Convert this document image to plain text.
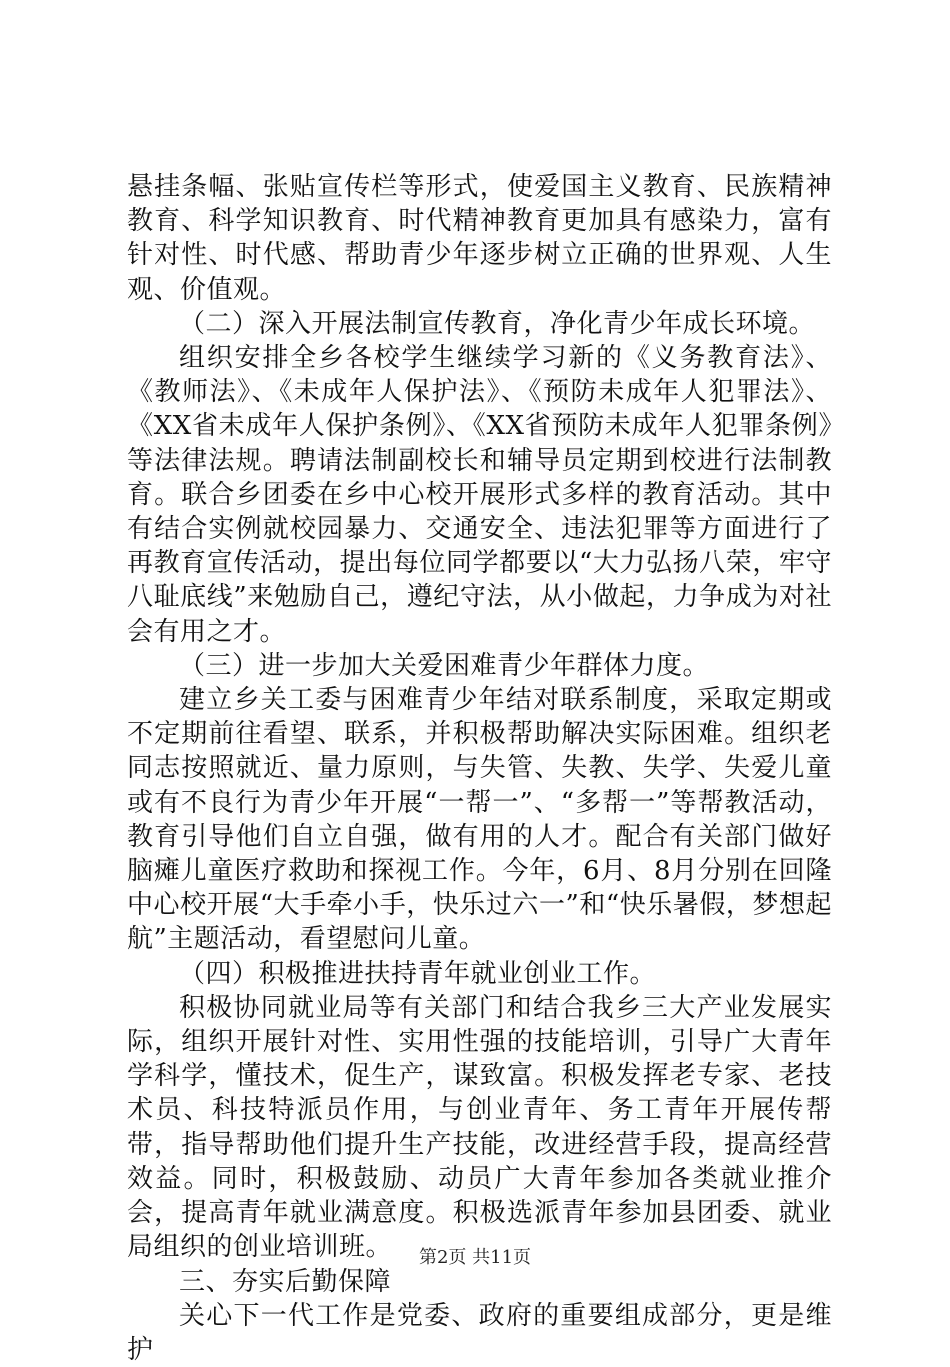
悬挂条幅、张贴宣传栏等形式，使爱国主义教育、民族精神教育、科学知识教育、时代精神教育更加具有感染力，富有针对性、时代感、帮助青少年逐步树立正确的世界观、人生观、价值观。

（二）深入开展法制宣传教育，净化青少年成长环境。

组织安排全乡各校学生继续学习新的《义务教育法》、《教师法》、《未成年人保护法》、《预防未成年人犯罪法》、《XX省未成年人保护条例》、《XX省预防未成年人犯罪条例》等法律法规。聘请法制副校长和辅导员定期到校进行法制教育。联合乡团委在乡中心校开展形式多样的教育活动。其中有结合实例就校园暴力、交通安全、违法犯罪等方面进行了再教育宣传活动，提出每位同学都要以“大力弘扬八荣，牢守八耻底线”来勉励自己，遵纪守法，从小做起，力争成为对社会有用之才。

（三）进一步加大关爱困难青少年群体力度。

建立乡关工委与困难青少年结对联系制度，采取定期或不定期前往看望、联系，并积极帮助解决实际困难。组织老同志按照就近、量力原则，与失管、失教、失学、失爱儿童或有不良行为青少年开展“一帮一”、“多帮一”等帮教活动，教育引导他们自立自强，做有用的人才。配合有关部门做好脑瘫儿童医疗救助和探视工作。今年，6月、8月分别在回隆中心校开展“大手牵小手，快乐过六一”和“快乐暑假，梦想起航”主题活动，看望慰问儿童。

（四）积极推进扶持青年就业创业工作。

积极协同就业局等有关部门和结合我乡三大产业发展实际，组织开展针对性、实用性强的技能培训，引导广大青年学科学，懂技术，促生产，谋致富。积极发挥老专家、老技术员、科技特派员作用，与创业青年、务工青年开展传帮带，指导帮助他们提升生产技能，改进经营手段，提高经营效益。同时，积极鼓励、动员广大青年参加各类就业推介会，提高青年就业满意度。积极选派青年参加县团委、就业局组织的创业培训班。

三、夯实后勤保障

关心下一代工作是党委、政府的重要组成部分，更是维护

第2页 共11页
